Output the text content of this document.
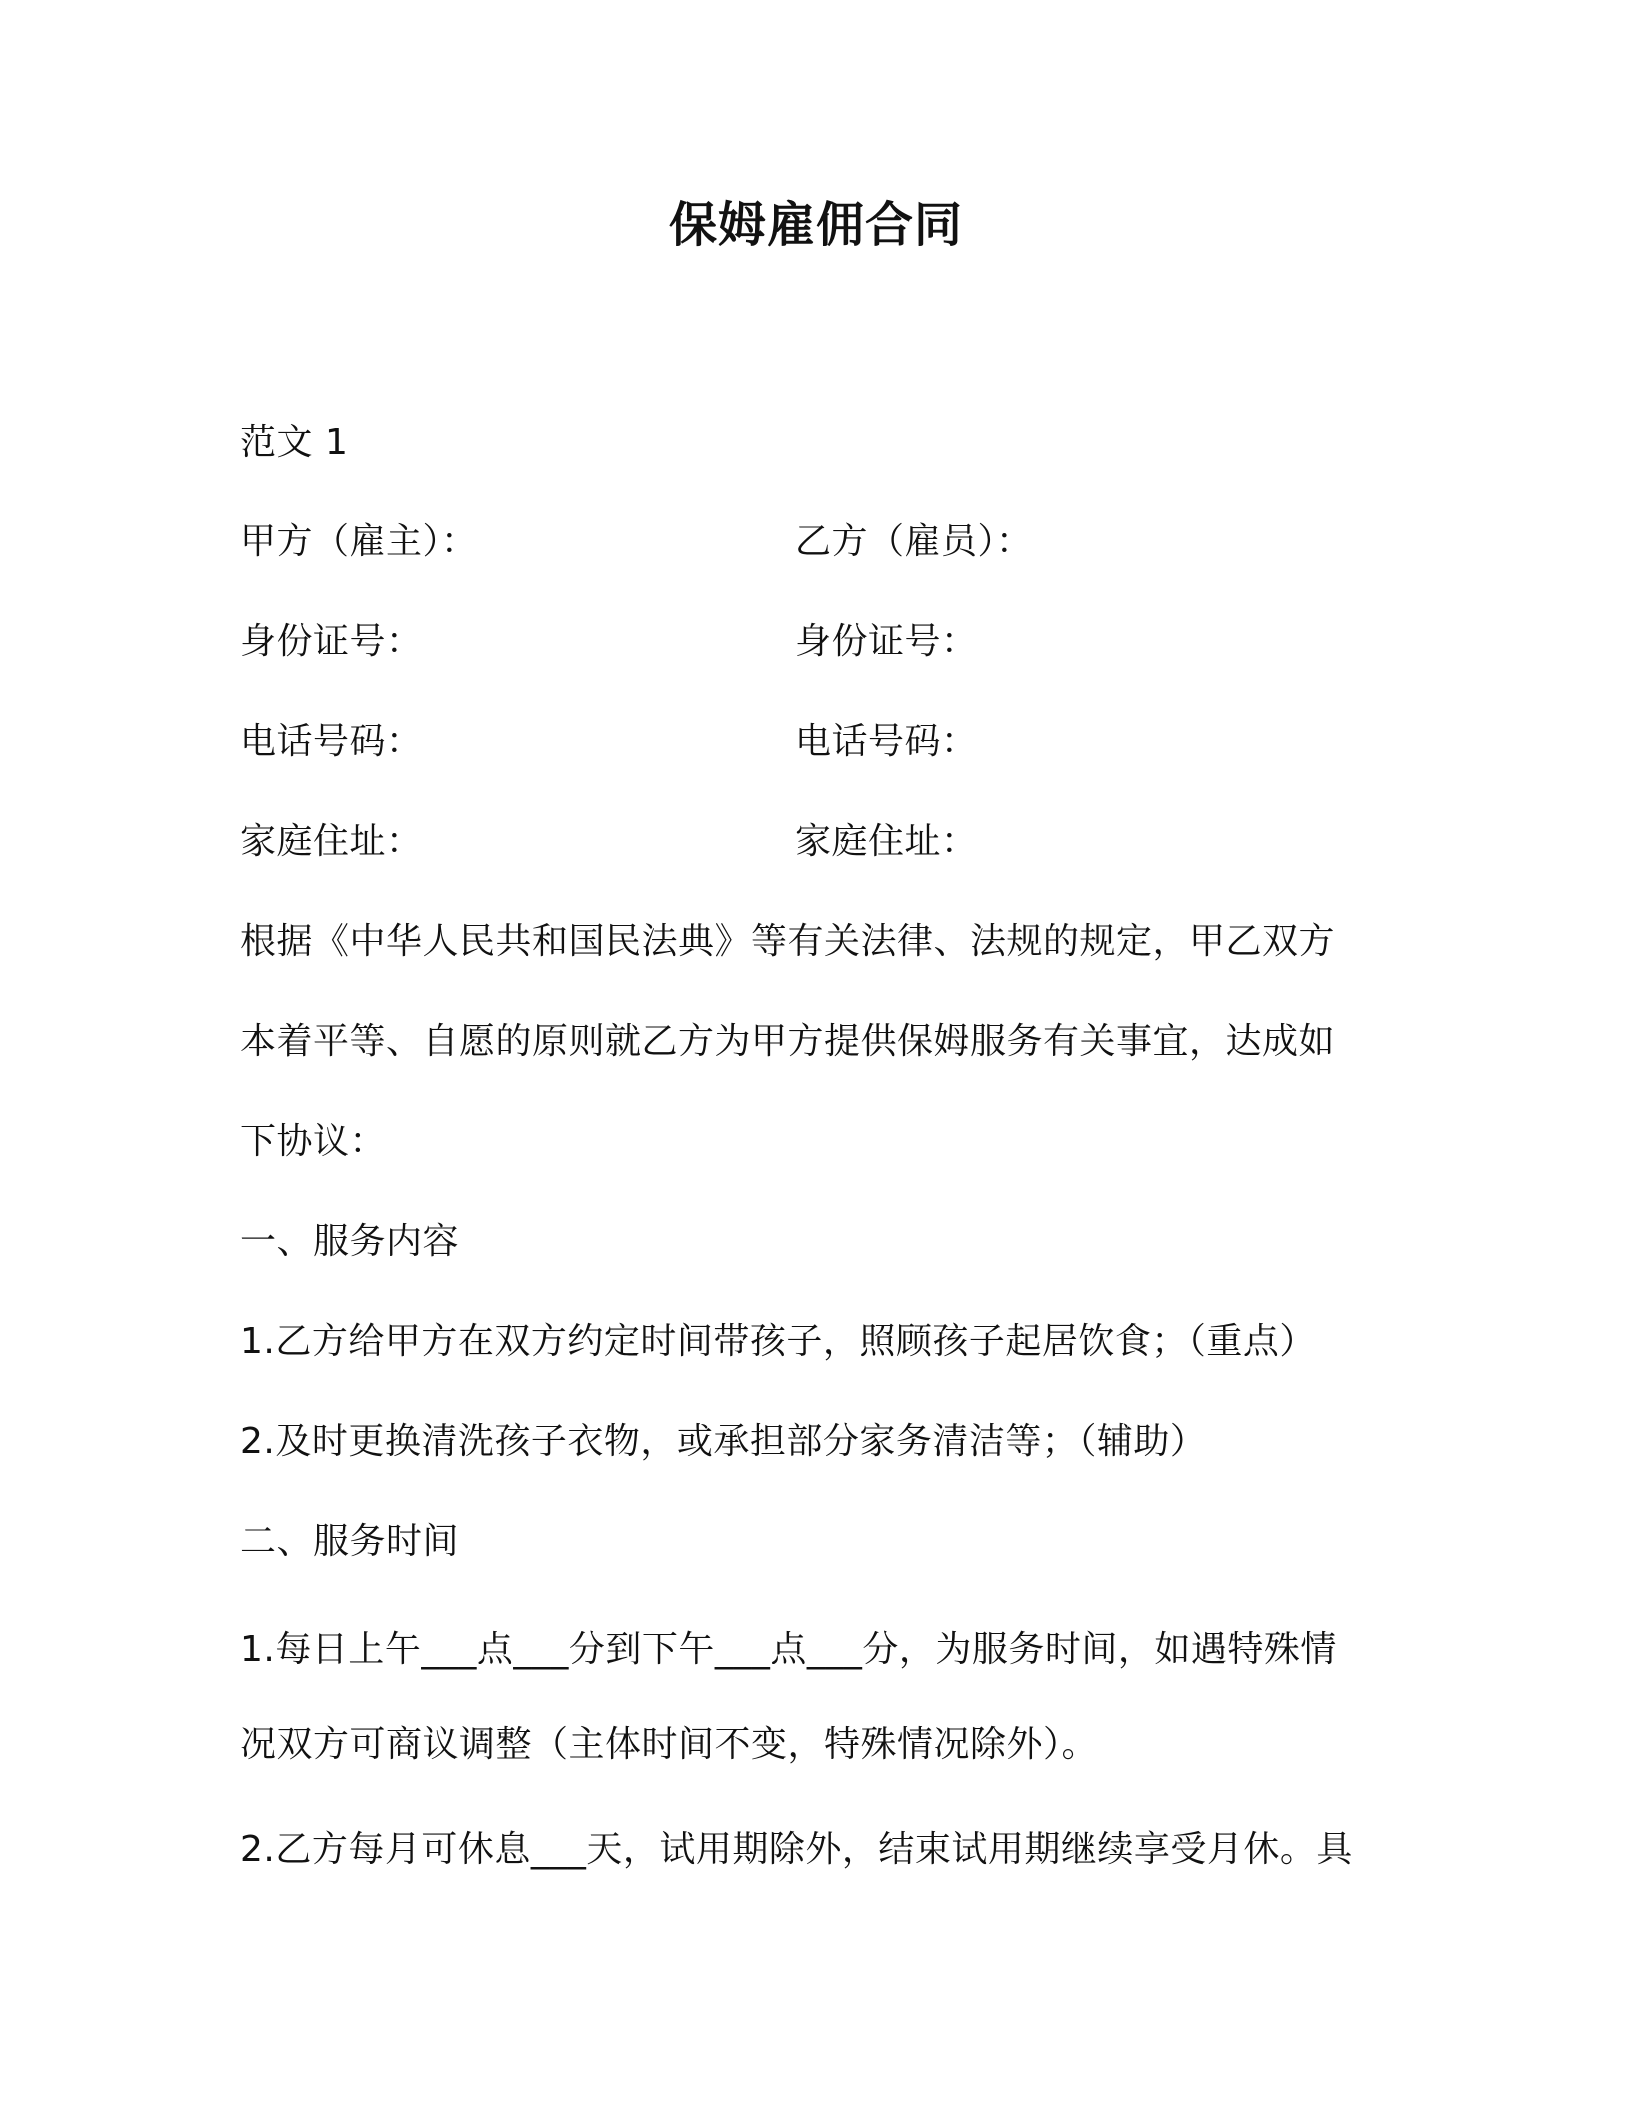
保姆雇佣合同
范文 1
甲方（雇主）：	乙方（雇员）：
身份证号：	身份证号：
电话号码：	电话号码：
家庭住址：	家庭住址：
根据《中华人民共和国民法典》等有关法律、法规的规定，甲乙双方
本着平等、自愿的原则就乙方为甲方提供保姆服务有关事宜，达成如
下协议：
一、服务内容
1.乙方给甲方在双方约定时间带孩子，照顾孩子起居饮食；（重点）
2.及时更换清洗孩子衣物，或承担部分家务清洁等；（辅助）
二、服务时间
1.每日上午___点___分到下午___点___分，为服务时间，如遇特殊情
况双方可商议调整（主体时间不变，特殊情况除外）。
2.乙方每月可休息___天，试用期除外，结束试用期继续享受月休。具
